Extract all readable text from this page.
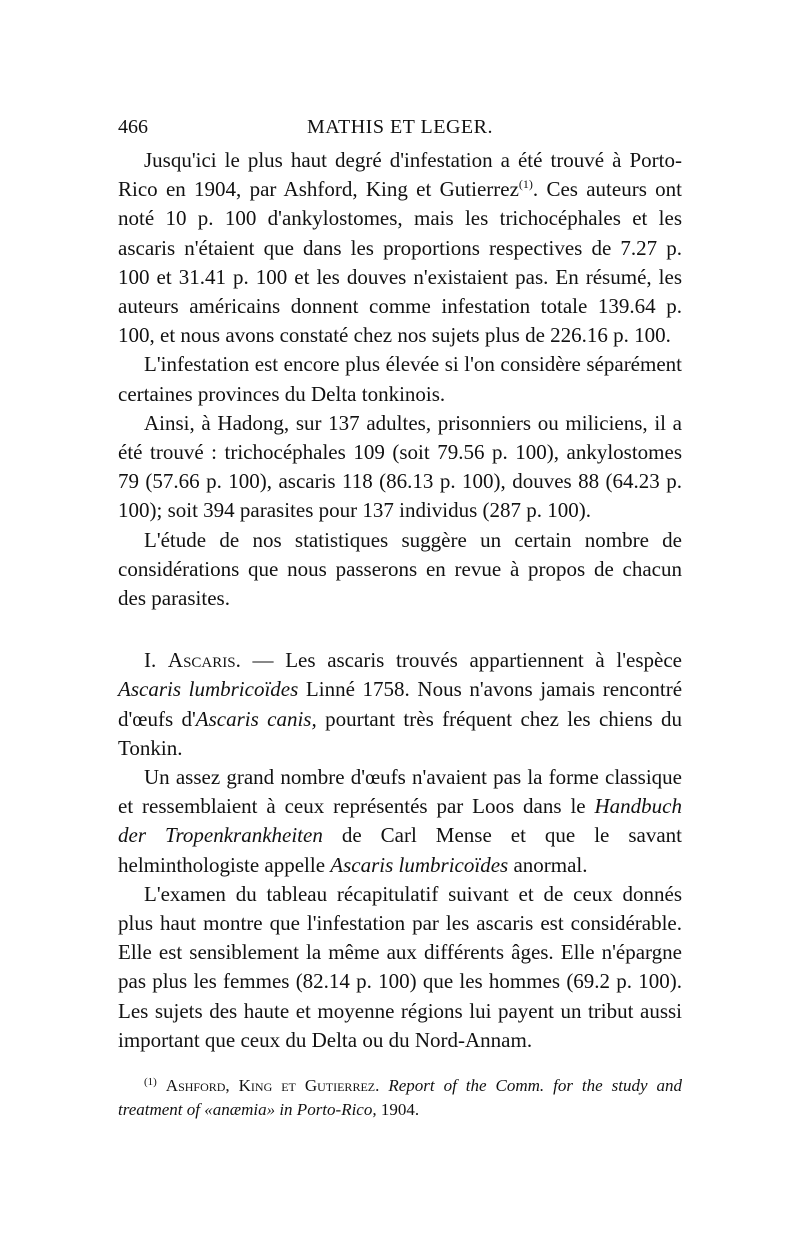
466	MATHIS ET LEGER.

Jusqu'ici le plus haut degré d'infestation a été trouvé à Porto-Rico en 1904, par Ashford, King et Gutierrez$^{(1)}$. Ces auteurs ont noté 10 p. 100 d'ankylostomes, mais les trichocéphales et les ascaris n'étaient que dans les proportions respectives de 7.27 p. 100 et 31.41 p. 100 et les douves n'existaient pas. En résumé, les auteurs américains donnent comme infestation totale 139.64 p. 100, et nous avons constaté chez nos sujets plus de 226.16 p. 100.

L'infestation est encore plus élevée si l'on considère séparément certaines provinces du Delta tonkinois.

Ainsi, à Hadong, sur 137 adultes, prisonniers ou miliciens, il a été trouvé : trichocéphales 109 (soit 79.56 p. 100), ankylostomes 79 (57.66 p. 100), ascaris 118 (86.13 p. 100), douves 88 (64.23 p. 100); soit 394 parasites pour 137 individus (287 p. 100).

L'étude de nos statistiques suggère un certain nombre de considérations que nous passerons en revue à propos de chacun des parasites.

I. Ascaris. — Les ascaris trouvés appartiennent à l'espèce Ascaris lumbricoïdes Linné 1758. Nous n'avons jamais rencontré d'œufs d'Ascaris canis, pourtant très fréquent chez les chiens du Tonkin.

Un assez grand nombre d'œufs n'avaient pas la forme classique et ressemblaient à ceux représentés par Loos dans le Handbuch der Tropenkrankheiten de Carl Mense et que le savant helminthologiste appelle Ascaris lumbricoïdes anormal.

L'examen du tableau récapitulatif suivant et de ceux donnés plus haut montre que l'infestation par les ascaris est considérable. Elle est sensiblement la même aux différents âges. Elle n'épargne pas plus les femmes (82.14 p. 100) que les hommes (69.2 p. 100). Les sujets des haute et moyenne régions lui payent un tribut aussi important que ceux du Delta ou du Nord-Annam.

$^{(1)}$ Ashford, King et Gutierrez. Report of the Comm. for the study and treatment of «anæmia» in Porto-Rico, 1904.
